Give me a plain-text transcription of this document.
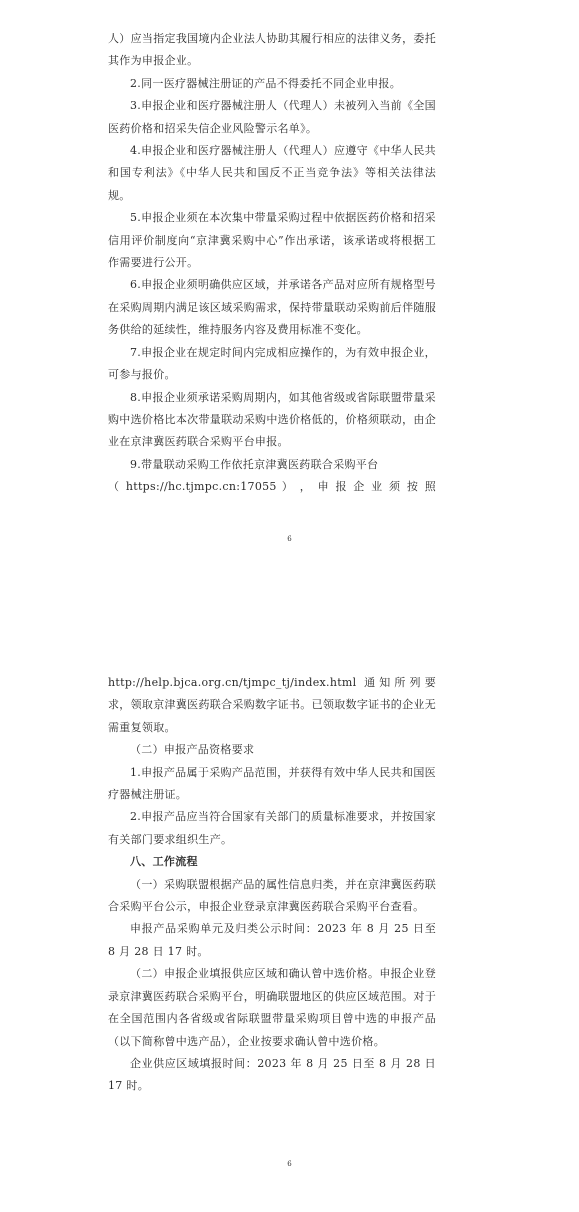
人）应当指定我国境内企业法人协助其履行相应的法律义务，委托其作为申报企业。

2.同一医疗器械注册证的产品不得委托不同企业申报。

3.申报企业和医疗器械注册人（代理人）未被列入当前《全国医药价格和招采失信企业风险警示名单》。

4.申报企业和医疗器械注册人（代理人）应遵守《中华人民共和国专利法》《中华人民共和国反不正当竞争法》等相关法律法规。

5.申报企业须在本次集中带量采购过程中依据医药价格和招采信用评价制度向“京津冀采购中心”作出承诺，该承诺或将根据工作需要进行公开。

6.申报企业须明确供应区域，并承诺各产品对应所有规格型号在采购周期内满足该区域采购需求，保持带量联动采购前后伴随服务供给的延续性，维持服务内容及费用标准不变化。

7.申报企业在规定时间内完成相应操作的，为有效申报企业，可参与报价。

8.申报企业须承诺采购周期内，如其他省级或省际联盟带量采购中选价格比本次带量联动采购中选价格低的，价格须联动，由企业在京津冀医药联合采购平台申报。

9.带量联动采购工作依托京津冀医药联合采购平台

（ https://hc.tjmpc.cn:17055 ） ， 申 报 企 业 须 按 照

6

http://help.bjca.org.cn/tjmpc_tj/index.html 通知所列要求，领取京津冀医药联合采购数字证书。已领取数字证书的企业无需重复领取。

（二）申报产品资格要求

1.申报产品属于采购产品范围，并获得有效中华人民共和国医疗器械注册证。

2.申报产品应当符合国家有关部门的质量标准要求，并按国家有关部门要求组织生产。

八、工作流程

（一）采购联盟根据产品的属性信息归类，并在京津冀医药联合采购平台公示，申报企业登录京津冀医药联合采购平台查看。

申报产品采购单元及归类公示时间：2023 年 8 月 25 日至 8 月 28 日 17 时。

（二）申报企业填报供应区域和确认曾中选价格。申报企业登录京津冀医药联合采购平台，明确联盟地区的供应区域范围。对于在全国范围内各省级或省际联盟带量采购项目曾中选的申报产品（以下简称曾中选产品），企业按要求确认曾中选价格。

企业供应区域填报时间：2023 年 8 月 25 日至 8 月 28 日 17 时。

6
